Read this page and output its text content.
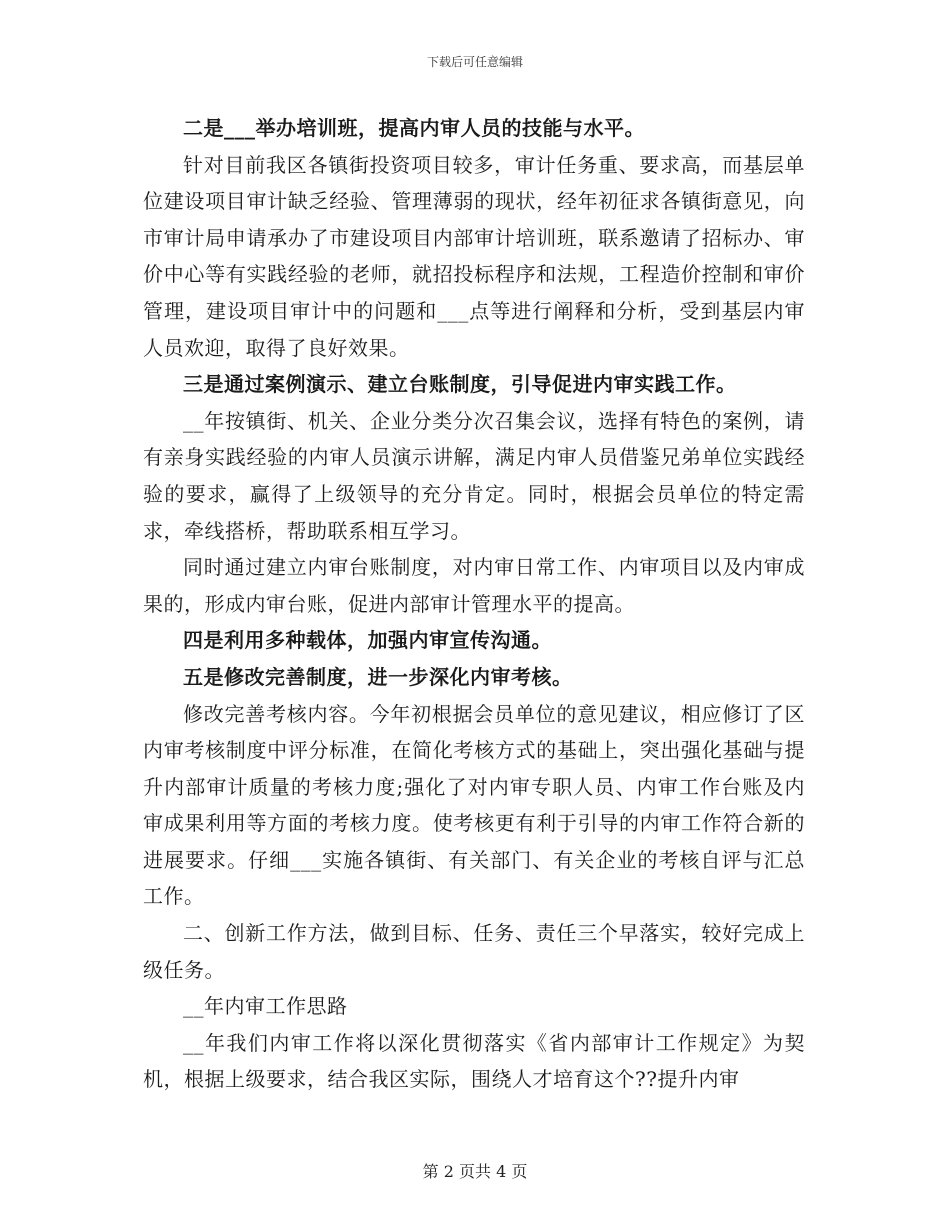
下载后可任意编辑

二是___举办培训班，提高内审人员的技能与水平。

针对目前我区各镇街投资项目较多，审计任务重、要求高，而基层单位建设项目审计缺乏经验、管理薄弱的现状，经年初征求各镇街意见，向市审计局申请承办了市建设项目内部审计培训班，联系邀请了招标办、审价中心等有实践经验的老师，就招投标程序和法规，工程造价控制和审价管理，建设项目审计中的问题和___点等进行阐释和分析，受到基层内审人员欢迎，取得了良好效果。

三是通过案例演示、建立台账制度，引导促进内审实践工作。

__年按镇街、机关、企业分类分次召集会议，选择有特色的案例，请有亲身实践经验的内审人员演示讲解，满足内审人员借鉴兄弟单位实践经验的要求，赢得了上级领导的充分肯定。同时，根据会员单位的特定需求，牵线搭桥，帮助联系相互学习。

同时通过建立内审台账制度，对内审日常工作、内审项目以及内审成果的，形成内审台账，促进内部审计管理水平的提高。

四是利用多种载体，加强内审宣传沟通。

五是修改完善制度，进一步深化内审考核。

修改完善考核内容。今年初根据会员单位的意见建议，相应修订了区内审考核制度中评分标准，在简化考核方式的基础上，突出强化基础与提升内部审计质量的考核力度;强化了对内审专职人员、内审工作台账及内审成果利用等方面的考核力度。使考核更有利于引导的内审工作符合新的进展要求。仔细___实施各镇街、有关部门、有关企业的考核自评与汇总工作。

二、创新工作方法，做到目标、任务、责任三个早落实，较好完成上级任务。

__年内审工作思路

__年我们内审工作将以深化贯彻落实《省内部审计工作规定》为契机，根据上级要求，结合我区实际，围绕人才培育这个??提升内审

第 2 页共 4 页
